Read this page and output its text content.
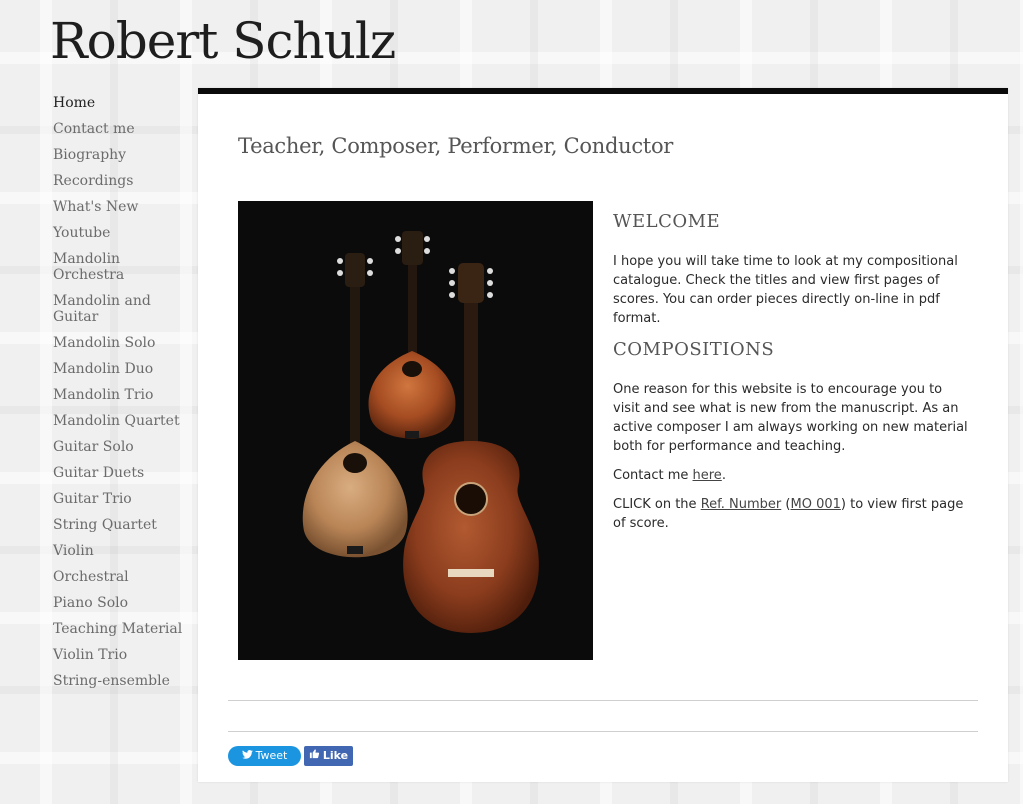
Robert Schulz
Home
Contact me
Biography
Recordings
What's New
Youtube
Mandolin Orchestra
Mandolin and Guitar
Mandolin Solo
Mandolin Duo
Mandolin Trio
Mandolin Quartet
Guitar Solo
Guitar Duets
Guitar Trio
String Quartet
Violin
Orchestral
Piano Solo
Teaching Material
Violin Trio
String-ensemble
Teacher, Composer, Performer, Conductor
WELCOME

I hope you will take time to look at my compositional catalogue. Check the titles and view first pages of scores. You can order pieces directly on-line in pdf format.

COMPOSITIONS

One reason for this website is to encourage you to visit and see what is new from the manuscript. As an active composer I am always working on new material both for performance and teaching.

Contact me here.

CLICK on the Ref. Number (MO 001) to view first page of score.

Tweet	Like
